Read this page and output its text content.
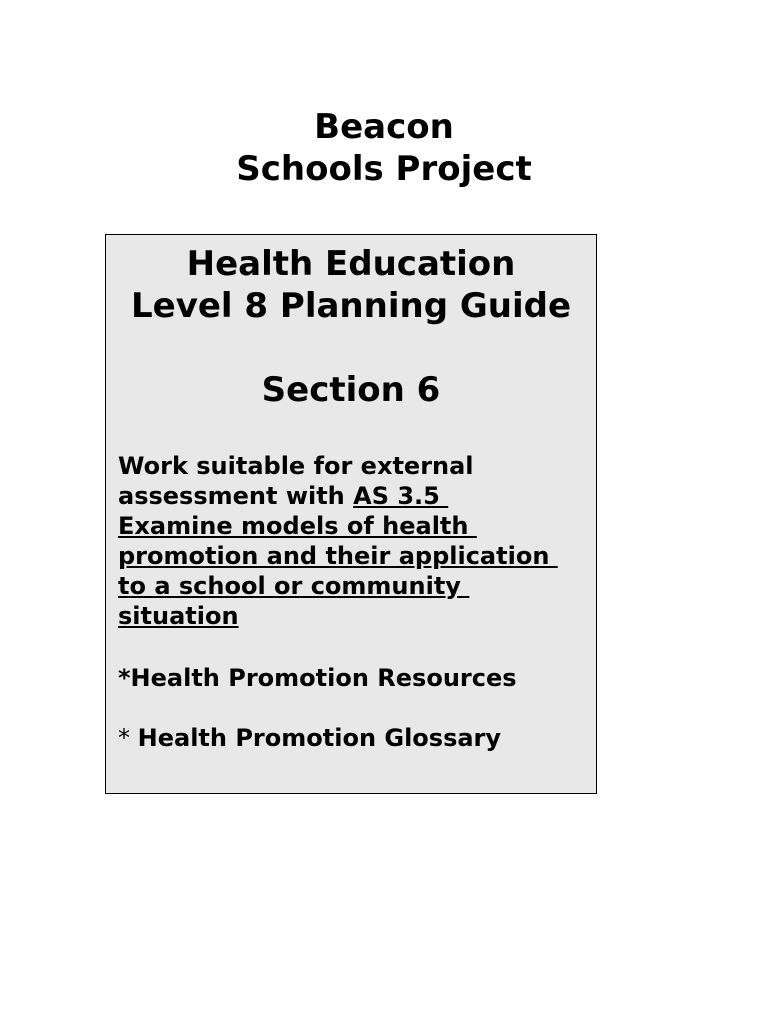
Beacon
Schools Project
Health Education
Level 8 Planning Guide
Section 6
Work suitable for external
assessment with AS 3.5
Examine models of health
promotion and their application
to a school or community
situation
*Health Promotion Resources
* Health Promotion Glossary
